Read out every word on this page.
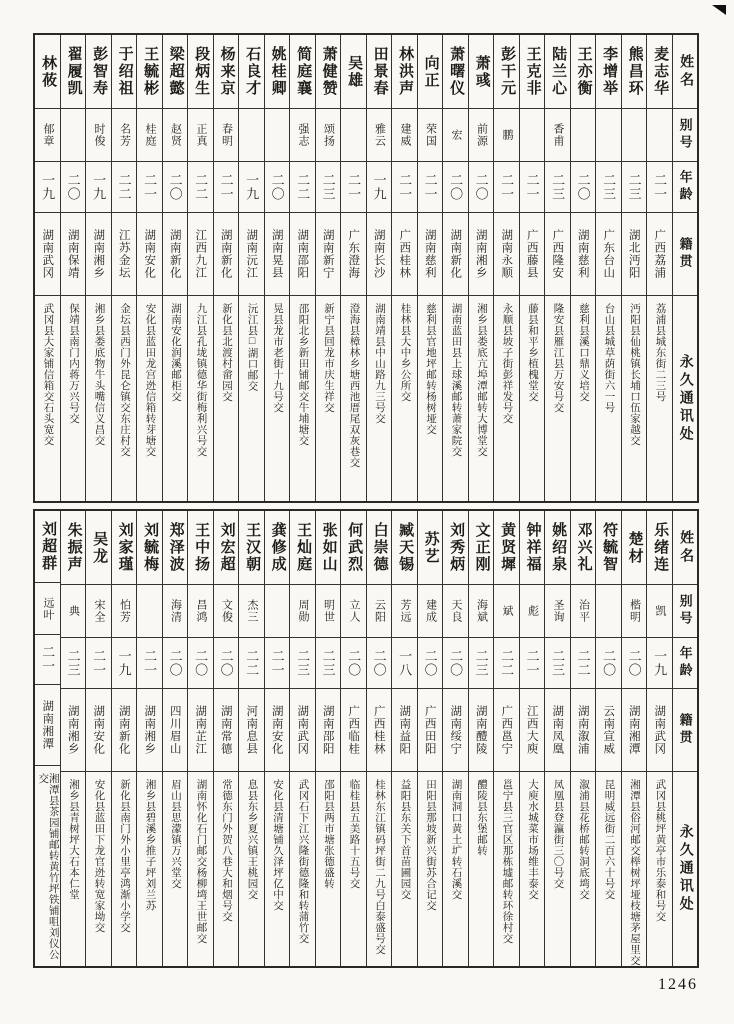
姓名
别号
年龄
籍贯
永久通讯处
麦志华
二一
广西荔浦
荔浦县城东街二三号
熊昌环
二三
湖北沔阳
沔阳县仙桃镇长埔口伍家越交
李增举
二三
广东台山
台山县城草荫街六一号
王亦衡
二〇
湖南慈利
慈利县溪口鼎义培交
陆兰心
香甫
二三
广西隆安
隆安县雁江县万安号交
王克非
二一
广西藤县
藤县和平乡植槐堂交
彭干元
鹏
二一
湖南永顺
永顺县坡子街彭祥发号交
萧彧
前源
二〇
湖南湘乡
湘乡县娄底亢埠潭邮转大博堂交
萧曙仪
宏
二〇
湖南新化
湖南蓝田县上球溪邮转萧家院交
向正
荣国
二一
湖南慈利
慈利县官地坪邮转杨树垭交
林洪声
建威
二一
广西桂林
桂林县大中乡公所交
田景春
雅云
一九
湖南长沙
湖南靖县中山路九三号交
吴雄
二一
广东澄海
澄海县樟林乡塘西池厝尾双灰巷交
萧健赞
颂扬
二三
湖南新宁
新宁县回龙市庆生祥交
简庭襄
强志
二二
湖南邵阳
邵阳北乡新田铺邮交牛埔塘交
姚桂卿
二〇
湖南晃县
晃县龙市老街十九号交
石良才
一九
湖南沅江
沅江县□湖口邮交
杨来京
春明
二一
湖南新化
新化县北渡村畲园交
段炳生
正真
二二
江西九江
九江县孔垅镇德华街梅利兴号交
梁超懿
赵贤
二〇
湖南新化
湖南安化润溪邮柜交
王毓彬
桂庭
二一
湖南安化
安化县蓝田龙宫迯信箱转芽塘交
于绍祖
名芳
二二
江苏金坛
金坛县西门外昆仑镇交东庄村交
彭智寿
时俊
一九
湖南湘乡
湘乡县娄底物牛头嘴信义昌交
翟履凯
二〇
湖南保靖
保靖县南门内蒋万兴号交
林莜
郁章
一九
湖南武冈
武冈县大家铺信箱交石头宽交
姓名
别号
年龄
籍贯
永久通讯处
乐绪连
凯
一九
湖南武冈
武冈县桃坪黄亭市乐泰和号交
楚材
楷明
二〇
湖南湘潭
湘潭县俗河邮交榉树坪垭枝塘茅屋里交
符毓智
二〇
云南宣威
昆明威远街二百六十号交
邓兴礼
治平
二二
湖南溆浦
溆浦县花桥邮转洞底塆交
姚绍泉
圣询
二三
湖南凤凰
凤凰县登瀛街三〇号交
钟祥福
彪
二一
江西大庾
大庾水城菜市场维丰泰交
黄贤墀
斌
二二
广西邕宁
邕宁县三官区那栋墟邮转环徐村交
文正刚
海斌
二三
湖南醴陵
醴陵县东堡邮转
刘秀炳
天良
二〇
湖南绥宁
湖南洞口黄土圹转石溪交
苏艺
建成
二〇
广西田阳
田阳县那坡新兴街苏合记交
臧天锡
芳远
一八
湖南益阳
益阳县东关下首苗圃园交
白崇德
云阳
二〇
广西桂林
桂林东江镇码坪街二九号白泰盛号交
何武烈
立人
二〇
广西临桂
临桂县五美路十五号交
张如山
明世
二三
湖南邵阳
邵阳县两市塘张德盛转
王灿庭
周勋
二三
湖南武冈
武冈石下江兴隆街德隆和转蒲竹交
龚修成
二一
湖南安化
安化县清塘铺久泽坪亿中交
王汉朝
杰三
二二
河南息县
息县东乡夏兴镇王桃园交
刘宏超
文俊
二〇
湖南常德
常德东门外贺八巷大和烟号交
王中扬
昌鸿
二〇
湖南芷江
湖南怀化石门邮交杨柳塆王世邮交
郑泽波
海清
二〇
四川眉山
眉山县思濛镇万兴堂交
刘毓梅
二一
湖南湘乡
湘乡县碧溪乡推子坪刘兰苏
刘家瑾
怕芳
一九
湖南新化
新化县南门外小里亭鸿渐小学交
吴龙
宋全
二一
湖南安化
安化县蓝田下龙官迯转宽家坳交
朱振声
典
二三
湖南湘乡
湘乡县青树坪大石本仁堂
刘超群
远叶
二一
湖南湘潭
湘潭县茶园铺邮转黄竹坪铁铺咀刘仪公交
1246
